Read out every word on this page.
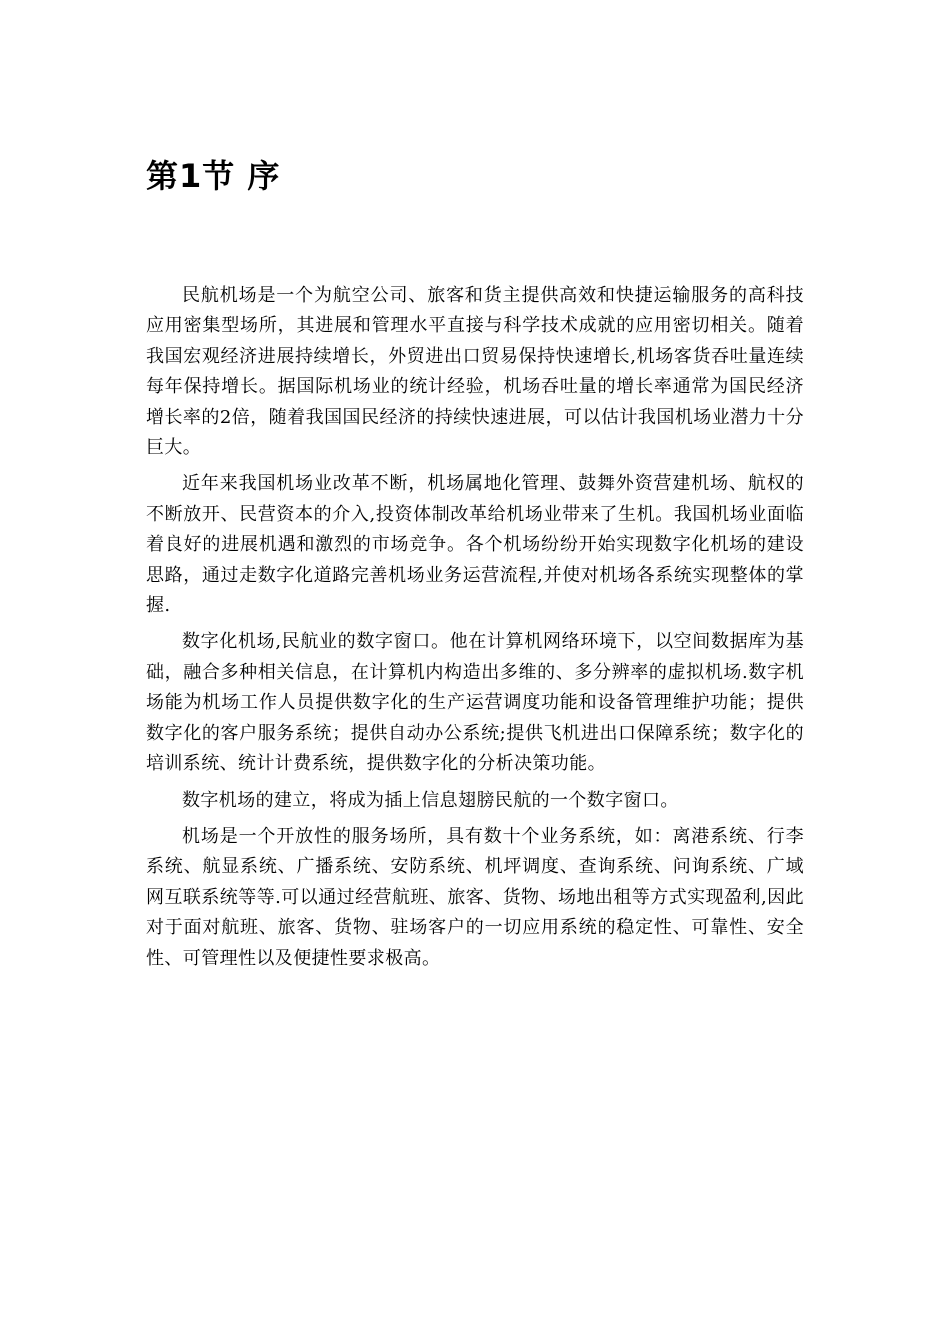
第1节 序

民航机场是一个为航空公司、旅客和货主提供高效和快捷运输服务的高科技应用密集型场所，其进展和管理水平直接与科学技术成就的应用密切相关。随着我国宏观经济进展持续增长，外贸进出口贸易保持快速增长,机场客货吞吐量连续每年保持增长。据国际机场业的统计经验，机场吞吐量的增长率通常为国民经济增长率的2倍，随着我国国民经济的持续快速进展，可以估计我国机场业潜力十分巨大。

近年来我国机场业改革不断，机场属地化管理、鼓舞外资营建机场、航权的不断放开、民营资本的介入,投资体制改革给机场业带来了生机。我国机场业面临着良好的进展机遇和激烈的市场竞争。各个机场纷纷开始实现数字化机场的建设思路，通过走数字化道路完善机场业务运营流程,并使对机场各系统实现整体的掌握.

数字化机场,民航业的数字窗口。他在计算机网络环境下，以空间数据库为基础，融合多种相关信息，在计算机内构造出多维的、多分辨率的虚拟机场.数字机场能为机场工作人员提供数字化的生产运营调度功能和设备管理维护功能；提供数字化的客户服务系统；提供自动办公系统;提供飞机进出口保障系统；数字化的培训系统、统计计费系统，提供数字化的分析决策功能。

数字机场的建立，将成为插上信息翅膀民航的一个数字窗口。

机场是一个开放性的服务场所，具有数十个业务系统，如：离港系统、行李系统、航显系统、广播系统、安防系统、机坪调度、查询系统、问询系统、广域网互联系统等等.可以通过经营航班、旅客、货物、场地出租等方式实现盈利,因此对于面对航班、旅客、货物、驻场客户的一切应用系统的稳定性、可靠性、安全性、可管理性以及便捷性要求极高。
